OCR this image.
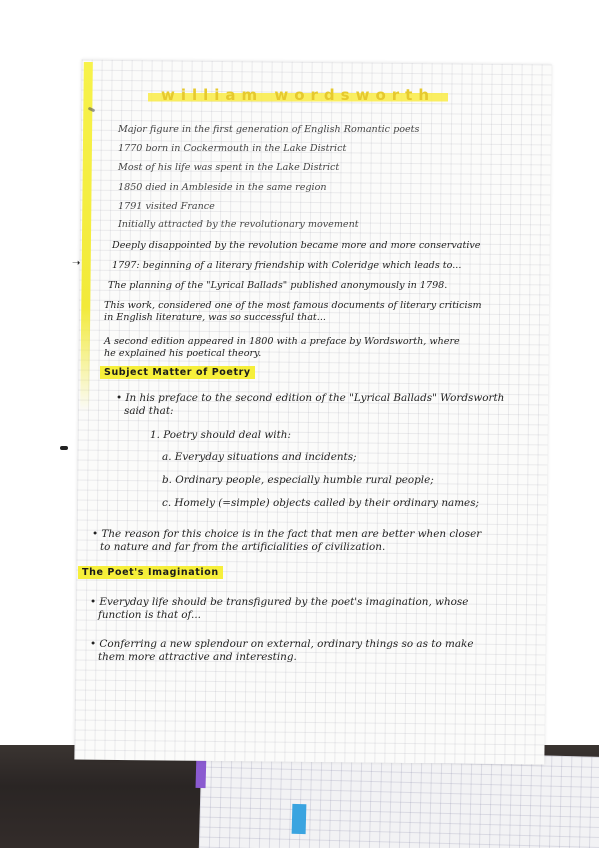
➝
william wordsworth
Major figure in the first generation of English Romantic poets
1770 born in Cockermouth in the Lake District
Most of his life was spent in the Lake District
1850 died in Ambleside in the same region
1791 visited France
Initially attracted by the revolutionary movement
Deeply disappointed by the revolution became more and more conservative
1797: beginning of a literary friendship with Coleridge which leads to...
The planning of the "Lyrical Ballads" published anonymously in 1798.
This work, considered one of the most famous documents of literary criticism
in English literature, was so successful that...
A second edition appeared in 1800 with a preface by Wordsworth, where
he explained his poetical theory.
Subject Matter of Poetry
• In his preface to the second edition of the "Lyrical Ballads" Wordsworth
said that:
1. Poetry should deal with:
a. Everyday situations and incidents;
b. Ordinary people, especially humble rural people;
c. Homely (=simple) objects called by their ordinary names;
• The reason for this choice is in the fact that men are better when closer
to nature and far from the artificialities of civilization.
The Poet's Imagination
• Everyday life should be transfigured by the poet's imagination, whose
function is that of...
• Conferring a new splendour on external, ordinary things so as to make
them more attractive and interesting.
